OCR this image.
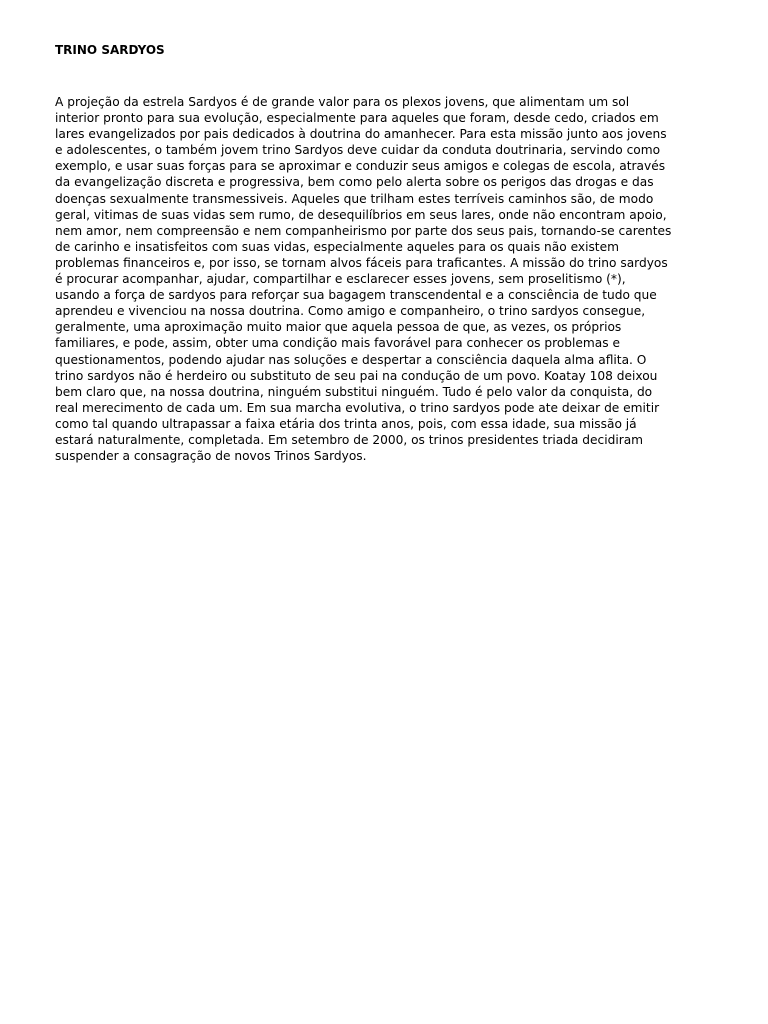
TRINO SARDYOS

A projeção da estrela Sardyos é de grande valor para os plexos jovens, que alimentam um sol
interior pronto para sua evolução, especialmente para aqueles que foram, desde cedo, criados em
lares evangelizados por pais dedicados à doutrina do amanhecer. Para esta missão junto aos jovens
e adolescentes, o também jovem trino Sardyos deve cuidar da conduta doutrinaria, servindo como
exemplo, e usar suas forças para se aproximar e conduzir seus amigos e colegas de escola, através
da evangelização discreta e progressiva, bem como pelo alerta sobre os perigos das drogas e das
doenças sexualmente transmessiveis. Aqueles que trilham estes terríveis caminhos são, de modo
geral, vitimas de suas vidas sem rumo, de desequilíbrios em seus lares, onde não encontram apoio,
nem amor, nem compreensão e nem companheirismo por parte dos seus pais, tornando-se carentes
de carinho e insatisfeitos com suas vidas, especialmente aqueles para os quais não existem
problemas financeiros e, por isso, se tornam alvos fáceis para traficantes. A missão do trino sardyos
é procurar acompanhar, ajudar, compartilhar e esclarecer esses jovens, sem proselitismo (*),
usando a força de sardyos para reforçar sua bagagem transcendental e a consciência de tudo que
aprendeu e vivenciou na nossa doutrina. Como amigo e companheiro, o trino sardyos consegue,
geralmente, uma aproximação muito maior que aquela pessoa de que, as vezes, os próprios
familiares, e pode, assim, obter uma condição mais favorável para conhecer os problemas e
questionamentos, podendo ajudar nas soluções e despertar a consciência daquela alma aflita. O
trino sardyos não é herdeiro ou substituto de seu pai na condução de um povo. Koatay 108 deixou
bem claro que, na nossa doutrina, ninguém substitui ninguém. Tudo é pelo valor da conquista, do
real merecimento de cada um. Em sua marcha evolutiva, o trino sardyos pode ate deixar de emitir
como tal quando ultrapassar a faixa etária dos trinta anos, pois, com essa idade, sua missão já
estará naturalmente, completada. Em setembro de 2000, os trinos presidentes triada decidiram
suspender a consagração de novos Trinos Sardyos.
